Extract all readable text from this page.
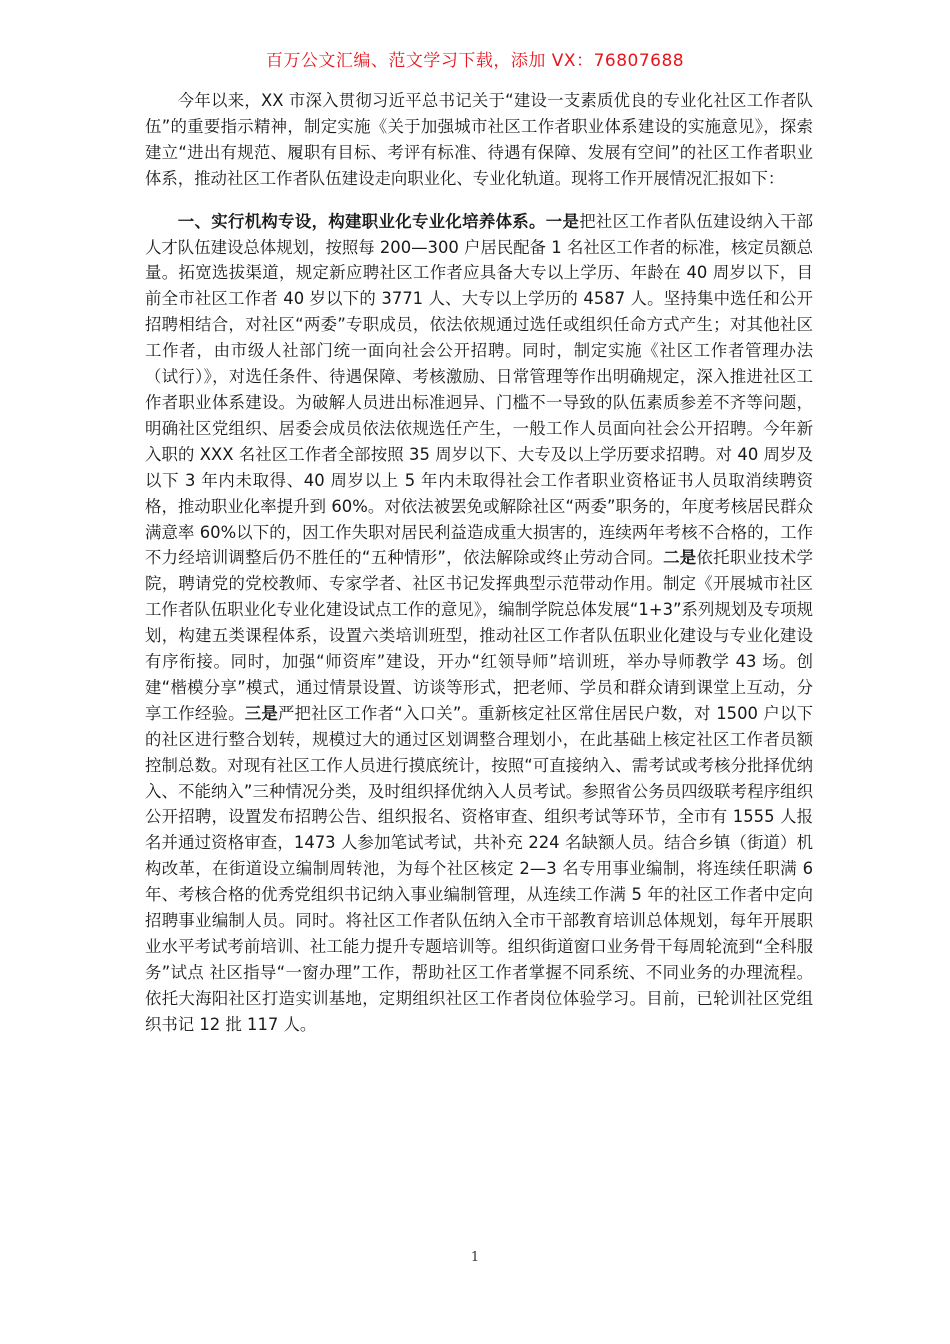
百万公文汇编、范文学习下载，添加 VX：76807688

今年以来，XX 市深入贯彻习近平总书记关于“建设一支素质优良的专业化社区工作者队伍”的重要指示精神，制定实施《关于加强城市社区工作者职业体系建设的实施意见》，探索建立“进出有规范、履职有目标、考评有标准、待遇有保障、发展有空间”的社区工作者职业体系，推动社区工作者队伍建设走向职业化、专业化轨道。现将工作开展情况汇报如下：

一、实行机构专设，构建职业化专业化培养体系。一是把社区工作者队伍建设纳入干部人才队伍建设总体规划，按照每 200—300 户居民配备 1 名社区工作者的标准，核定员额总量。拓宽选拔渠道，规定新应聘社区工作者应具备大专以上学历、年龄在 40 周岁以下，目前全市社区工作者 40 岁以下的 3771 人、大专以上学历的 4587 人。坚持集中选任和公开招聘相结合，对社区“两委”专职成员，依法依规通过选任或组织任命方式产生；对其他社区工作者，由市级人社部门统一面向社会公开招聘。同时，制定实施《社区工作者管理办法（试行）》，对选任条件、待遇保障、考核激励、日常管理等作出明确规定，深入推进社区工作者职业体系建设。为破解人员进出标准迥异、门槛不一导致的队伍素质参差不齐等问题，明确社区党组织、居委会成员依法依规选任产生，一般工作人员面向社会公开招聘。今年新入职的 XXX 名社区工作者全部按照 35 周岁以下、大专及以上学历要求招聘。对 40 周岁及以下 3 年内未取得、40 周岁以上 5 年内未取得社会工作者职业资格证书人员取消续聘资格，推动职业化率提升到 60%。对依法被罢免或解除社区“两委”职务的，年度考核居民群众满意率 60%以下的，因工作失职对居民利益造成重大损害的，连续两年考核不合格的，工作不力经培训调整后仍不胜任的“五种情形”，依法解除或终止劳动合同。二是依托职业技术学院，聘请党的党校教师、专家学者、社区书记发挥典型示范带动作用。制定《开展城市社区工作者队伍职业化专业化建设试点工作的意见》，编制学院总体发展“1+3”系列规划及专项规划，构建五类课程体系，设置六类培训班型，推动社区工作者队伍职业化建设与专业化建设有序衔接。同时，加强“师资库”建设，开办“红领导师”培训班，举办导师教学 43 场。创建“楷模分享”模式，通过情景设置、访谈等形式，把老师、学员和群众请到课堂上互动，分享工作经验。三是严把社区工作者“入口关”。重新核定社区常住居民户数，对 1500 户以下的社区进行整合划转，规模过大的通过区划调整合理划小，在此基础上核定社区工作者员额控制总数。对现有社区工作人员进行摸底统计，按照“可直接纳入、需考试或考核分批择优纳入、不能纳入”三种情况分类，及时组织择优纳入人员考试。参照省公务员四级联考程序组织公开招聘，设置发布招聘公告、组织报名、资格审查、组织考试等环节，全市有 1555 人报名并通过资格审查，1473 人参加笔试考试，共补充 224 名缺额人员。结合乡镇（街道）机构改革，在街道设立编制周转池，为每个社区核定 2—3 名专用事业编制，将连续任职满 6 年、考核合格的优秀党组织书记纳入事业编制管理，从连续工作满 5 年的社区工作者中定向招聘事业编制人员。同时。将社区工作者队伍纳入全市干部教育培训总体规划，每年开展职业水平考试考前培训、社工能力提升专题培训等。组织街道窗口业务骨干每周轮流到“全科服务”试点 社区指导“一窗办理”工作，帮助社区工作者掌握不同系统、不同业务的办理流程。依托大海阳社区打造实训基地，定期组织社区工作者岗位体验学习。目前，已轮训社区党组织书记 12 批 117 人。

1
